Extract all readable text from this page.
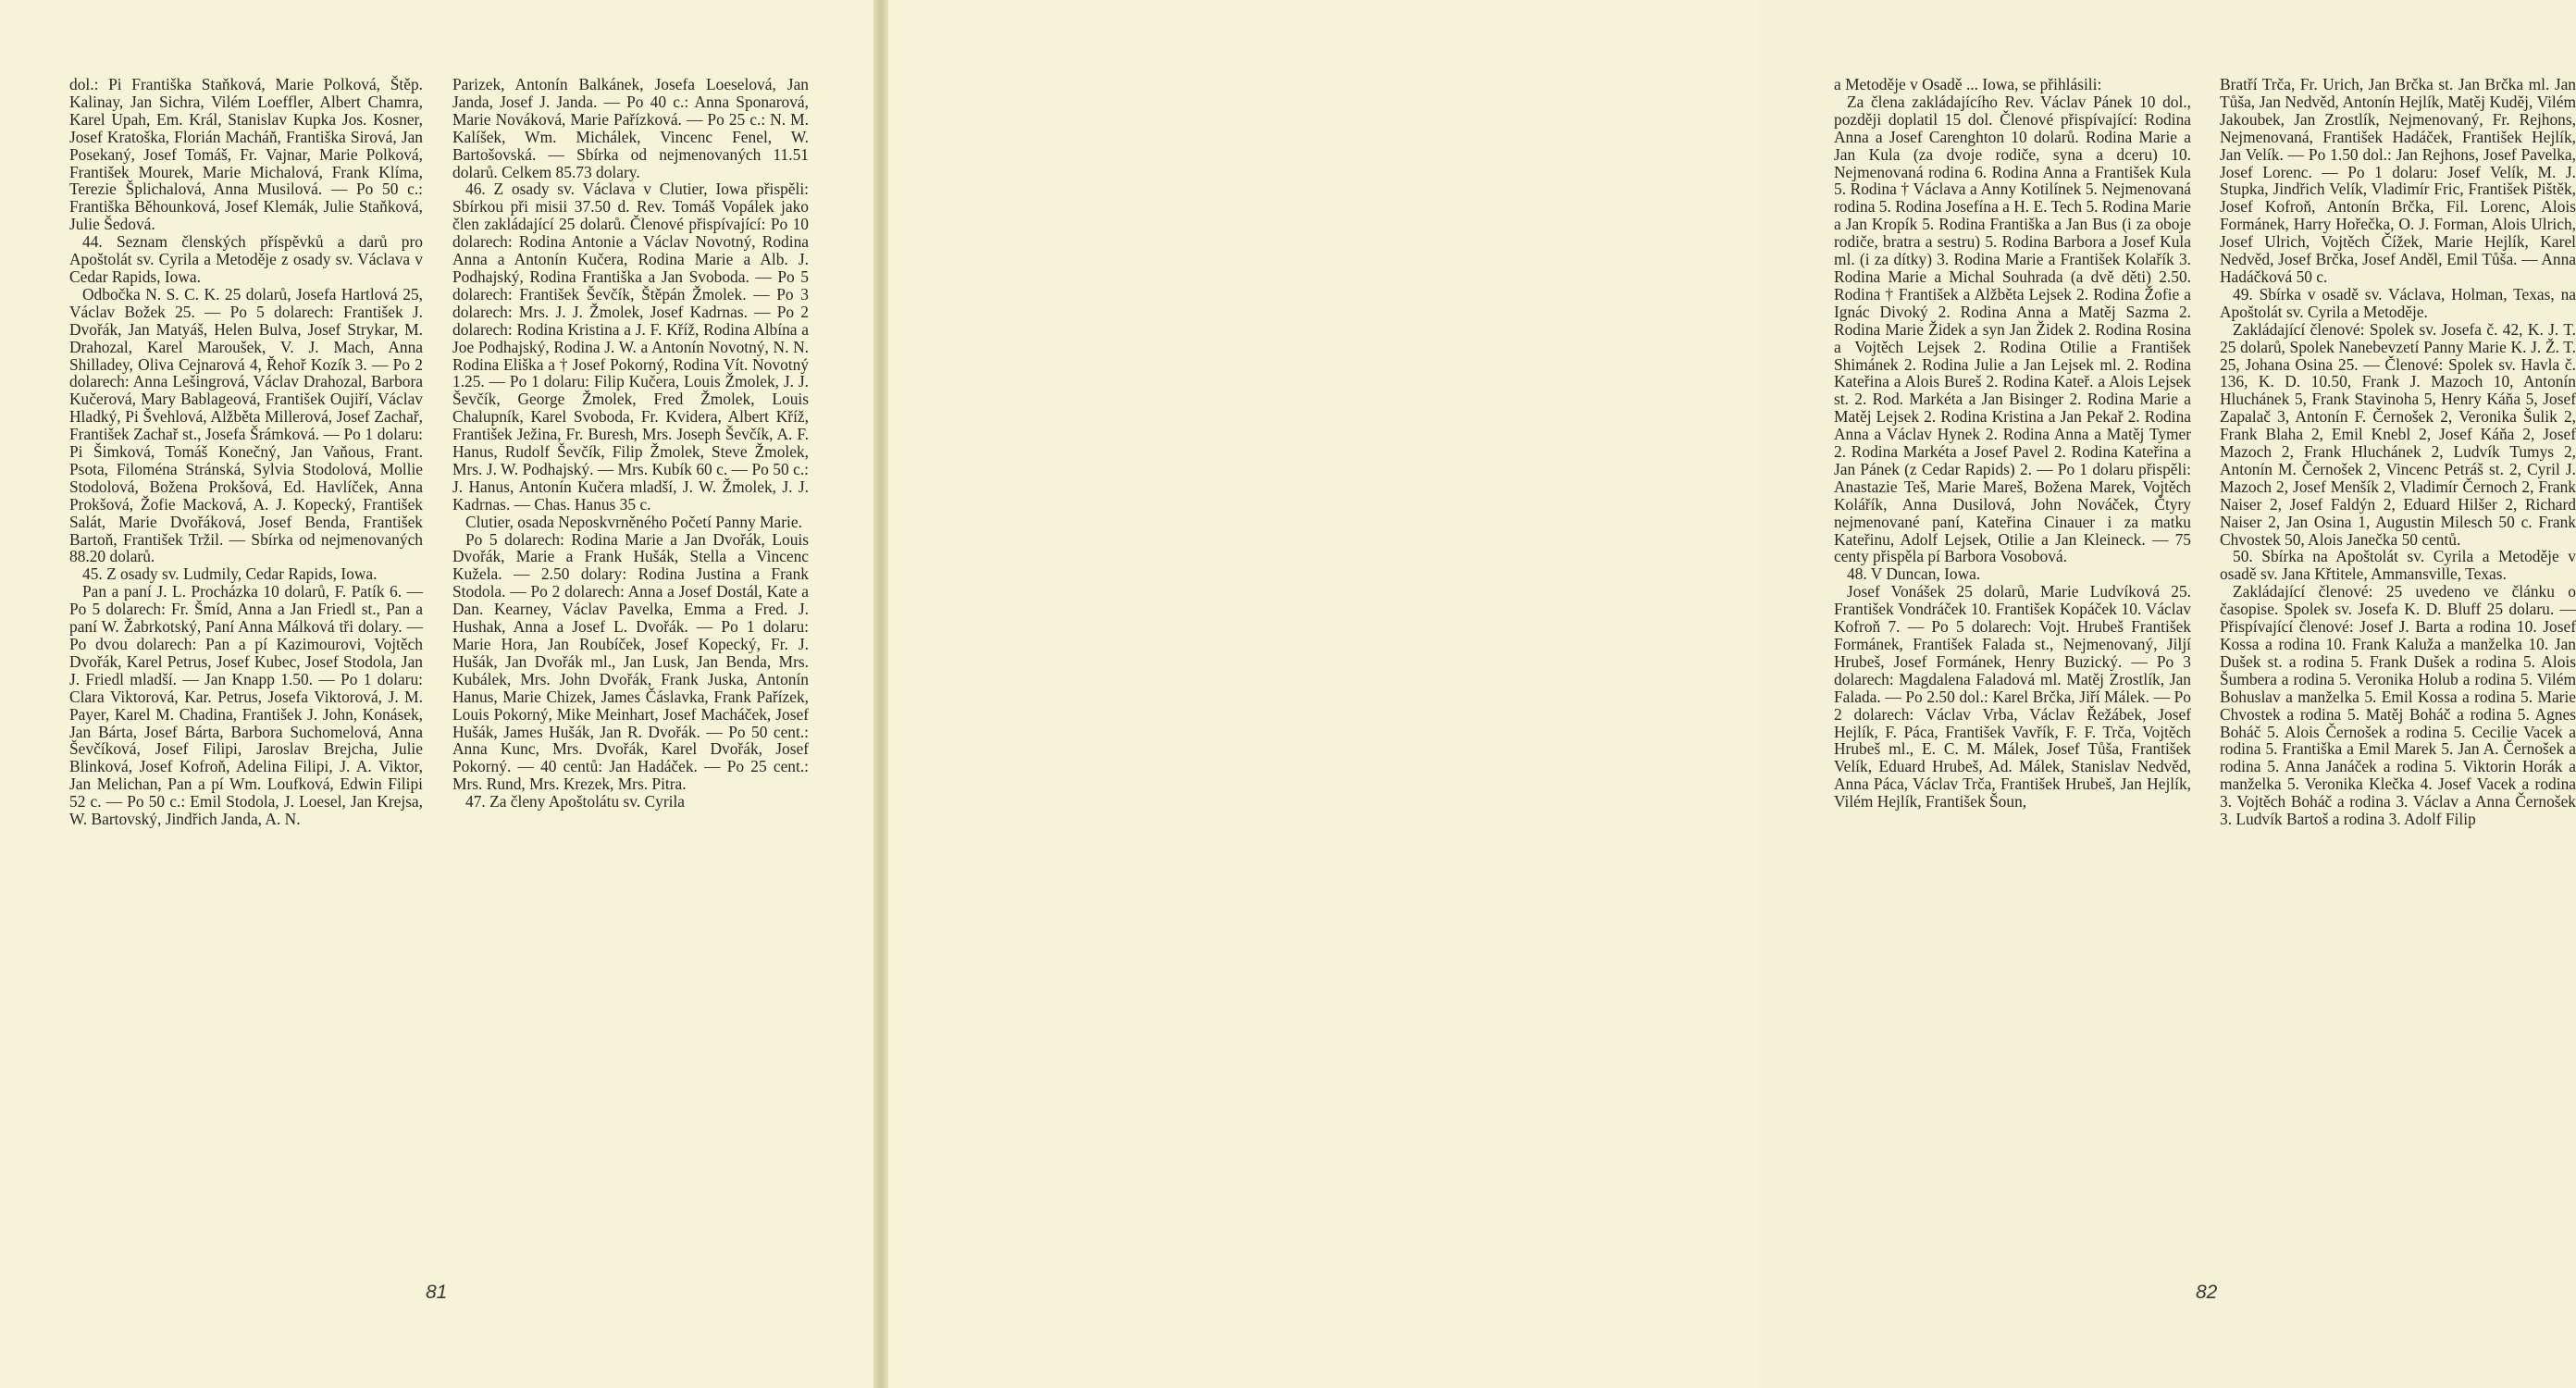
dol.: Pi Františka Staňková, Marie Polková, Štěp. Kalinay, Jan Sichra, Vilém Loeffler, Albert Chamra, Karel Upah, Em. Král, Stanislav Kupka Jos. Kosner, Josef Kratoška, Florián Macháň, Františka Sirová, Jan Posekaný, Josef Tomáš, Fr. Vajnar, Marie Polková, František Mourek, Marie Michalová, Frank Klíma, Terezie Šplichalová, Anna Musilová. — Po 50 c.: Františka Běhounková, Josef Klemák, Julie Staňková, Julie Šedová.

44. Seznam členských příspěvků a darů pro Apoštolát sv. Cyrila a Metoděje z osady sv. Václava v Cedar Rapids, Iowa.

Odbočka N. S. C. K. 25 dolarů, Josefa Hartlová 25, Václav Božek 25. — Po 5 dolarech: František J. Dvořák, Jan Matyáš, Helen Bulva, Josef Strykar, M. Drahozal, Karel Maroušek, V. J. Mach, Anna Shilladey, Oliva Cejnarová 4, Řehoř Kozík 3. — Po 2 dolarech: Anna Lešingrová, Václav Drahozal, Barbora Kučerová, Mary Bablageová, František Oujiří, Václav Hladký, Pi Švehlová, Alžběta Millerová, Josef Zachař, František Zachař st., Josefa Šrámková. — Po 1 dolaru: Pi Šimková, Tomáš Konečný, Jan Vaňous, Frant. Psota, Filoména Stránská, Sylvia Stodolová, Mollie Stodolová, Božena Prokšová, Ed. Havlíček, Anna Prokšová, Žofie Macková, A. J. Kopecký, František Salát, Marie Dvořáková, Josef Benda, František Bartoň, František Tržil. — Sbírka od nejmenovaných 88.20 dolarů.

45. Z osady sv. Ludmily, Cedar Rapids, Iowa.

Pan a paní J. L. Procházka 10 dolarů, F. Patík 6. — Po 5 dolarech: Fr. Šmíd, Anna a Jan Friedl st., Pan a paní W. Žabrkotský, Paní Anna Málková tři dolary. — Po dvou dolarech: Pan a pí Kazimourovi, Vojtěch Dvořák, Karel Petrus, Josef Kubec, Josef Stodola, Jan J. Friedl mladší. — Jan Knapp 1.50. — Po 1 dolaru: Clara Viktorová, Kar. Petrus, Josefa Viktorová, J. M. Payer, Karel M. Chadina, František J. John, Konásek, Jan Bárta, Josef Bárta, Barbora Suchomelová, Anna Ševčíková, Josef Filipi, Jaroslav Brejcha, Julie Blinková, Josef Kofroň, Adelina Filipi, J. A. Viktor, Jan Melichan, Pan a pí Wm. Loufková, Edwin Filipi 52 c. — Po 50 c.: Emil Stodola, J. Loesel, Jan Krejsa, W. Bartovský, Jindřich Janda, A. N.

Parizek, Antonín Balkánek, Josefa Loeselová, Jan Janda, Josef J. Janda. — Po 40 c.: Anna Sponarová, Marie Nováková, Marie Pařízková. — Po 25 c.: N. M. Kalíšek, Wm. Michálek, Vincenc Fenel, W. Bartošovská. — Sbírka od nejmenovaných 11.51 dolarů. Celkem 85.73 dolary.

46. Z osady sv. Václava v Clutier, Iowa přispěli: Sbírkou při misii 37.50 d. Rev. Tomáš Vopálek jako člen zakládající 25 dolarů. Členové přispívající: Po 10 dolarech: Rodina Antonie a Václav Novotný, Rodina Anna a Antonín Kučera, Rodina Marie a Alb. J. Podhajský, Rodina Františka a Jan Svoboda. — Po 5 dolarech: František Ševčík, Štěpán Žmolek. — Po 3 dolarech: Mrs. J. J. Žmolek, Josef Kadrnas. — Po 2 dolarech: Rodina Kristina a J. F. Kříž, Rodina Albína a Joe Podhajský, Rodina J. W. a Antonín Novotný, N. N. Rodina Eliška a † Josef Pokorný, Rodina Vít. Novotný 1.25. — Po 1 dolaru: Filip Kučera, Louis Žmolek, J. J. Ševčík, George Žmolek, Fred Žmolek, Louis Chalupník, Karel Svoboda, Fr. Kvidera, Albert Kříž, František Ježina, Fr. Buresh, Mrs. Joseph Ševčík, A. F. Hanus, Rudolf Ševčík, Filip Žmolek, Steve Žmolek, Mrs. J. W. Podhajský. — Mrs. Kubík 60 c. — Po 50 c.: J. Hanus, Antonín Kučera mladší, J. W. Žmolek, J. J. Kadrnas. — Chas. Hanus 35 c.

Clutier, osada Neposkvrněného Početí Panny Marie.

Po 5 dolarech: Rodina Marie a Jan Dvořák, Louis Dvořák, Marie a Frank Hušák, Stella a Vincenc Kužela. — 2.50 dolary: Rodina Justina a Frank Stodola. — Po 2 dolarech: Anna a Josef Dostál, Kate a Dan. Kearney, Václav Pavelka, Emma a Fred. J. Hushak, Anna a Josef L. Dvořák. — Po 1 dolaru: Marie Hora, Jan Roubíček, Josef Kopecký, Fr. J. Hušák, Jan Dvořák ml., Jan Lusk, Jan Benda, Mrs. Kubálek, Mrs. John Dvořák, Frank Juska, Antonín Hanus, Marie Chizek, James Čáslavka, Frank Pařízek, Louis Pokorný, Mike Meinhart, Josef Macháček, Josef Hušák, James Hušák, Jan R. Dvořák. — Po 50 cent.: Anna Kunc, Mrs. Dvořák, Karel Dvořák, Josef Pokorný. — 40 centů: Jan Hadáček. — Po 25 cent.: Mrs. Rund, Mrs. Krezek, Mrs. Pitra.

47. Za členy Apoštolátu sv. Cyrila

81

a Metoděje v Osadě ... Iowa, se přihlásili:

Za člena zakládajícího Rev. Václav Pánek 10 dol., později doplatil 15 dol. Členové přispívající: Rodina Anna a Josef Carenghton 10 dolarů. Rodina Marie a Jan Kula (za dvoje rodiče, syna a dceru) 10. Nejmenovaná rodina 6. Rodina Anna a František Kula 5. Rodina † Václava a Anny Kotilínek 5. Nejmenovaná rodina 5. Rodina Josefína a H. E. Tech 5. Rodina Marie a Jan Kropík 5. Rodina Františka a Jan Bus (i za oboje rodiče, bratra a sestru) 5. Rodina Barbora a Josef Kula ml. (i za dítky) 3. Rodina Marie a František Kolařík 3. Rodina Marie a Michal Souhrada (a dvě děti) 2.50. Rodina † František a Alžběta Lejsek 2. Rodina Žofie a Ignác Divoký 2. Rodina Anna a Matěj Sazma 2. Rodina Marie Židek a syn Jan Židek 2. Rodina Rosina a Vojtěch Lejsek 2. Rodina Otilie a František Shimánek 2. Rodina Julie a Jan Lejsek ml. 2. Rodina Kateřina a Alois Bureš 2. Rodina Kateř. a Alois Lejsek st. 2. Rod. Markéta a Jan Bisinger 2. Rodina Marie a Matěj Lejsek 2. Rodina Kristina a Jan Pekař 2. Rodina Anna a Václav Hynek 2. Rodina Anna a Matěj Tymer 2. Rodina Markéta a Josef Pavel 2. Rodina Kateřina a Jan Pánek (z Cedar Rapids) 2. — Po 1 dolaru přispěli: Anastazie Teš, Marie Mareš, Božena Marek, Vojtěch Kolářík, Anna Dusilová, John Nováček, Čtyry nejmenované paní, Kateřina Cinauer i za matku Kateřinu, Adolf Lejsek, Otilie a Jan Kleineck. — 75 centy přispěla pí Barbora Vosobová.

48. V Duncan, Iowa.

Josef Vonášek 25 dolarů, Marie Ludvíková 25. František Vondráček 10. František Kopáček 10. Václav Kofroň 7. — Po 5 dolarech: Vojt. Hrubeš František Formánek, František Falada st., Nejmenovaný, Jiljí Hrubeš, Josef Formánek, Henry Buzický. — Po 3 dolarech: Magdalena Faladová ml. Matěj Zrostlík, Jan Falada. — Po 2.50 dol.: Karel Brčka, Jiří Málek. — Po 2 dolarech: Václav Vrba, Václav Řežábek, Josef Hejlík, F. Páca, František Vavřík, F. F. Trča, Vojtěch Hrubeš ml., E. C. M. Málek, Josef Tůša, František Velík, Eduard Hrubeš, Ad. Málek, Stanislav Nedvěd, Anna Páca, Václav Trča, František Hrubeš, Jan Hejlík, Vilém Hejlík, František Šoun,

Bratří Trča, Fr. Urich, Jan Brčka st. Jan Brčka ml. Jan Tůša, Jan Nedvěd, Antonín Hejlík, Matěj Kuděj, Vilém Jakoubek, Jan Zrostlík, Nejmenovaný, Fr. Rejhons, Nejmenovaná, František Hadáček, František Hejlík, Jan Velík. — Po 1.50 dol.: Jan Rejhons, Josef Pavelka, Josef Lorenc. — Po 1 dolaru: Josef Velík, M. J. Stupka, Jindřich Velík, Vladimír Fric, František Pištěk, Josef Kofroň, Antonín Brčka, Fil. Lorenc, Alois Formánek, Harry Hořečka, O. J. Forman, Alois Ulrich, Josef Ulrich, Vojtěch Čížek, Marie Hejlík, Karel Nedvěd, Josef Brčka, Josef Anděl, Emil Tůša. — Anna Hadáčková 50 c.

49. Sbírka v osadě sv. Václava, Holman, Texas, na Apoštolát sv. Cyrila a Metoděje.

Zakládající členové: Spolek sv. Josefa č. 42, K. J. T. 25 dolarů, Spolek Nanebevzetí Panny Marie K. J. Ž. T. 25, Johana Osina 25. — Členové: Spolek sv. Havla č. 136, K. D. 10.50, Frank J. Mazoch 10, Antonín Hluchánek 5, Frank Stavinoha 5, Henry Káňa 5, Josef Zapalač 3, Antonín F. Černošek 2, Veronika Šulik 2, Frank Blaha 2, Emil Knebl 2, Josef Káňa 2, Josef Mazoch 2, Frank Hluchánek 2, Ludvík Tumys 2, Antonín M. Černošek 2, Vincenc Petráš st. 2, Cyril J. Mazoch 2, Josef Menšík 2, Vladimír Černoch 2, Frank Naiser 2, Josef Faldýn 2, Eduard Hilšer 2, Richard Naiser 2, Jan Osina 1, Augustin Milesch 50 c. Frank Chvostek 50, Alois Janečka 50 centů.

50. Sbírka na Apoštolát sv. Cyrila a Metoděje v osadě sv. Jana Křtitele, Ammansville, Texas.

Zakládající členové: 25 uvedeno ve článku o časopise. Spolek sv. Josefa K. D. Bluff 25 dolaru. — Přispívající členové: Josef J. Barta a rodina 10. Josef Kossa a rodina 10. Frank Kaluža a manželka 10. Jan Dušek st. a rodina 5. Frank Dušek a rodina 5. Alois Šumbera a rodina 5. Veronika Holub a rodina 5. Vilém Bohuslav a manželka 5. Emil Kossa a rodina 5. Marie Chvostek a rodina 5. Matěj Boháč a rodina 5. Agnes Boháč 5. Alois Černošek a rodina 5. Cecilie Vacek a rodina 5. Františka a Emil Marek 5. Jan A. Černošek a rodina 5. Anna Janáček a rodina 5. Viktorin Horák a manželka 5. Veronika Klečka 4. Josef Vacek a rodina 3. Vojtěch Boháč a rodina 3. Václav a Anna Černošek 3. Ludvík Bartoš a rodina 3. Adolf Filip

82
